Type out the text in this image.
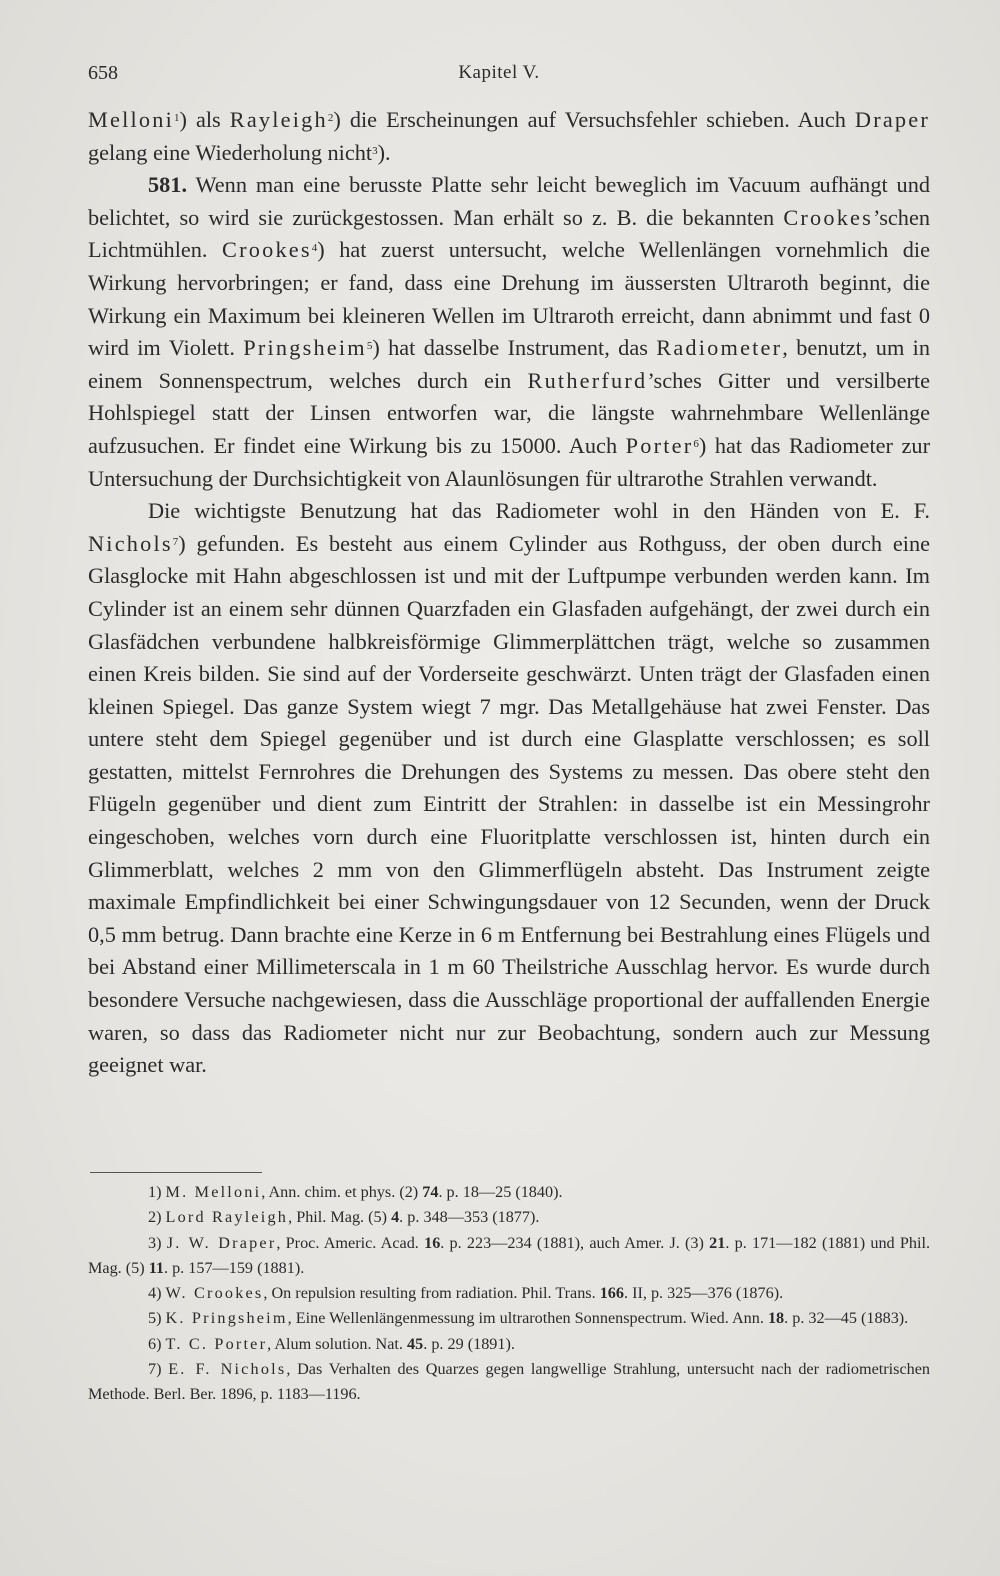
658	Kapitel V.

Melloni$^1$) als Rayleigh$^2$) die Erscheinungen auf Versuchsfehler schieben. Auch Draper gelang eine Wiederholung nicht$^3$).

581. Wenn man eine berusste Platte sehr leicht beweglich im Vacuum aufhängt und belichtet, so wird sie zurückgestossen. Man erhält so z. B. die bekannten Crookes’schen Lichtmühlen. Crookes$^4$) hat zuerst untersucht, welche Wellenlängen vornehmlich die Wirkung hervorbringen; er fand, dass eine Drehung im äussersten Ultraroth beginnt, die Wirkung ein Maximum bei kleineren Wellen im Ultraroth erreicht, dann abnimmt und fast 0 wird im Violett. Pringsheim$^5$) hat dasselbe Instrument, das Radiometer, benutzt, um in einem Sonnenspectrum, welches durch ein Rutherfurd’sches Gitter und versilberte Hohlspiegel statt der Linsen entworfen war, die längste wahrnehmbare Wellenlänge aufzusuchen. Er findet eine Wirkung bis zu 15000. Auch Porter$^6$) hat das Radiometer zur Untersuchung der Durchsichtigkeit von Alaunlösungen für ultrarothe Strahlen verwandt.

Die wichtigste Benutzung hat das Radiometer wohl in den Händen von E. F. Nichols$^7$) gefunden. Es besteht aus einem Cylinder aus Rothguss, der oben durch eine Glasglocke mit Hahn abgeschlossen ist und mit der Luftpumpe verbunden werden kann. Im Cylinder ist an einem sehr dünnen Quarzfaden ein Glasfaden aufgehängt, der zwei durch ein Glasfädchen verbundene halbkreisförmige Glimmerplättchen trägt, welche so zusammen einen Kreis bilden. Sie sind auf der Vorderseite geschwärzt. Unten trägt der Glasfaden einen kleinen Spiegel. Das ganze System wiegt 7 mgr. Das Metallgehäuse hat zwei Fenster. Das untere steht dem Spiegel gegenüber und ist durch eine Glasplatte verschlossen; es soll gestatten, mittelst Fernrohres die Drehungen des Systems zu messen. Das obere steht den Flügeln gegenüber und dient zum Eintritt der Strahlen: in dasselbe ist ein Messingrohr eingeschoben, welches vorn durch eine Fluoritplatte verschlossen ist, hinten durch ein Glimmerblatt, welches 2 mm von den Glimmerflügeln absteht. Das Instrument zeigte maximale Empfindlichkeit bei einer Schwingungsdauer von 12 Secunden, wenn der Druck 0,5 mm betrug. Dann brachte eine Kerze in 6 m Entfernung bei Bestrahlung eines Flügels und bei Abstand einer Millimeterscala in 1 m 60 Theilstriche Ausschlag hervor. Es wurde durch besondere Versuche nachgewiesen, dass die Ausschläge proportional der auffallenden Energie waren, so dass das Radiometer nicht nur zur Beobachtung, sondern auch zur Messung geeignet war.

1) M. Melloni, Ann. chim. et phys. (2) 74. p. 18—25 (1840).

2) Lord Rayleigh, Phil. Mag. (5) 4. p. 348—353 (1877).

3) J. W. Draper, Proc. Americ. Acad. 16. p. 223—234 (1881), auch Amer. J. (3) 21. p. 171—182 (1881) und Phil. Mag. (5) 11. p. 157—159 (1881).

4) W. Crookes, On repulsion resulting from radiation. Phil. Trans. 166. II, p. 325—376 (1876).

5) K. Pringsheim, Eine Wellenlängenmessung im ultrarothen Sonnenspectrum. Wied. Ann. 18. p. 32—45 (1883).

6) T. C. Porter, Alum solution. Nat. 45. p. 29 (1891).

7) E. F. Nichols, Das Verhalten des Quarzes gegen langwellige Strahlung, untersucht nach der radiometrischen Methode. Berl. Ber. 1896, p. 1183—1196.
